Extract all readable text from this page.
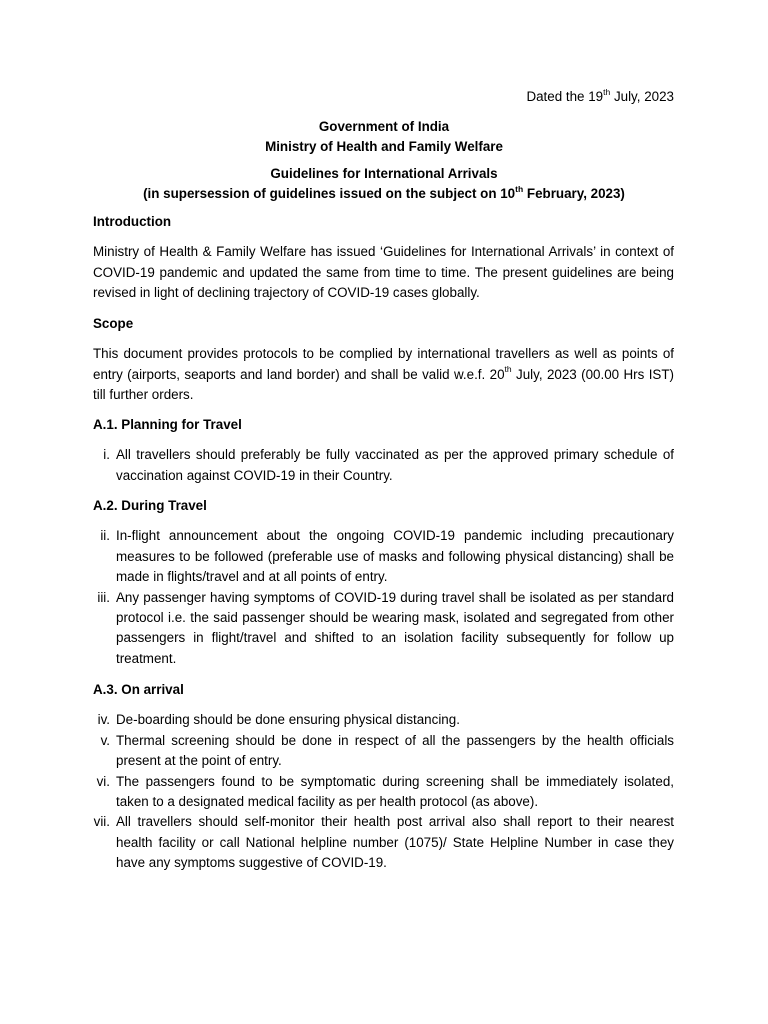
Dated the 19th July, 2023
Government of India
Ministry of Health and Family Welfare
Guidelines for International Arrivals
(in supersession of guidelines issued on the subject on 10th February, 2023)
Introduction
Ministry of Health & Family Welfare has issued ‘Guidelines for International Arrivals’ in context of COVID-19 pandemic and updated the same from time to time. The present guidelines are being revised in light of declining trajectory of COVID-19 cases globally.
Scope
This document provides protocols to be complied by international travellers as well as points of entry (airports, seaports and land border) and shall be valid w.e.f. 20th July, 2023 (00.00 Hrs IST) till further orders.
A.1. Planning for Travel
i. All travellers should preferably be fully vaccinated as per the approved primary schedule of vaccination against COVID-19 in their Country.
A.2. During Travel
ii. In-flight announcement about the ongoing COVID-19 pandemic including precautionary measures to be followed (preferable use of masks and following physical distancing) shall be made in flights/travel and at all points of entry.
iii. Any passenger having symptoms of COVID-19 during travel shall be isolated as per standard protocol i.e. the said passenger should be wearing mask, isolated and segregated from other passengers in flight/travel and shifted to an isolation facility subsequently for follow up treatment.
A.3. On arrival
iv. De-boarding should be done ensuring physical distancing.
v. Thermal screening should be done in respect of all the passengers by the health officials present at the point of entry.
vi. The passengers found to be symptomatic during screening shall be immediately isolated, taken to a designated medical facility as per health protocol (as above).
vii. All travellers should self-monitor their health post arrival also shall report to their nearest health facility or call National helpline number (1075)/ State Helpline Number in case they have any symptoms suggestive of COVID-19.
